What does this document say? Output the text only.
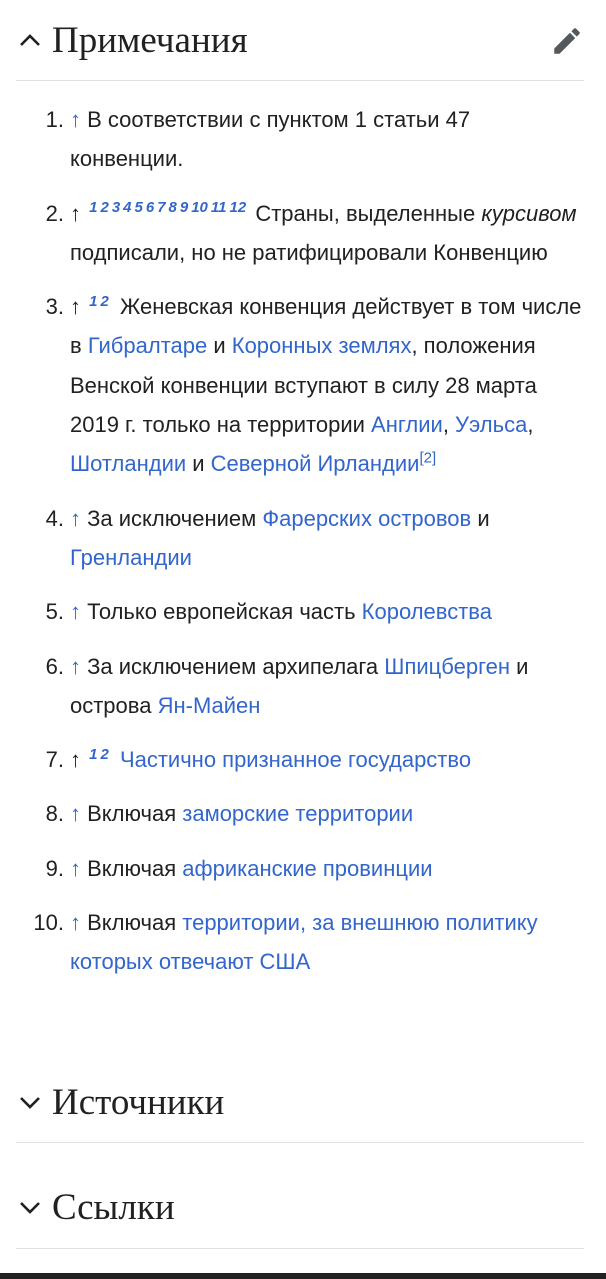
Примечания
1. ↑ В соответствии с пунктом 1 статьи 47 конвенции.
2. ↑ $^{1 2 3 4 5 6 7 8 9 10 11 12}$ Страны, выделенные курсивом подписали, но не ратифицировали Конвенцию
3. ↑ $^{1 2}$ Женевская конвенция действует в том числе в Гибралтаре и Коронных землях, положения Венской конвенции вступают в силу 28 марта 2019 г. только на территории Англии, Уэльса, Шотландии и Северной Ирландии[2]
4. ↑ За исключением Фарерских островов и Гренландии
5. ↑ Только европейская часть Королевства
6. ↑ За исключением архипелага Шпицберген и острова Ян-Майен
7. ↑ $^{1 2}$ Частично признанное государство
8. ↑ Включая заморские территории
9. ↑ Включая африканские провинции
10. ↑ Включая территории, за внешнюю политику которых отвечают США
Источники
Ссылки
